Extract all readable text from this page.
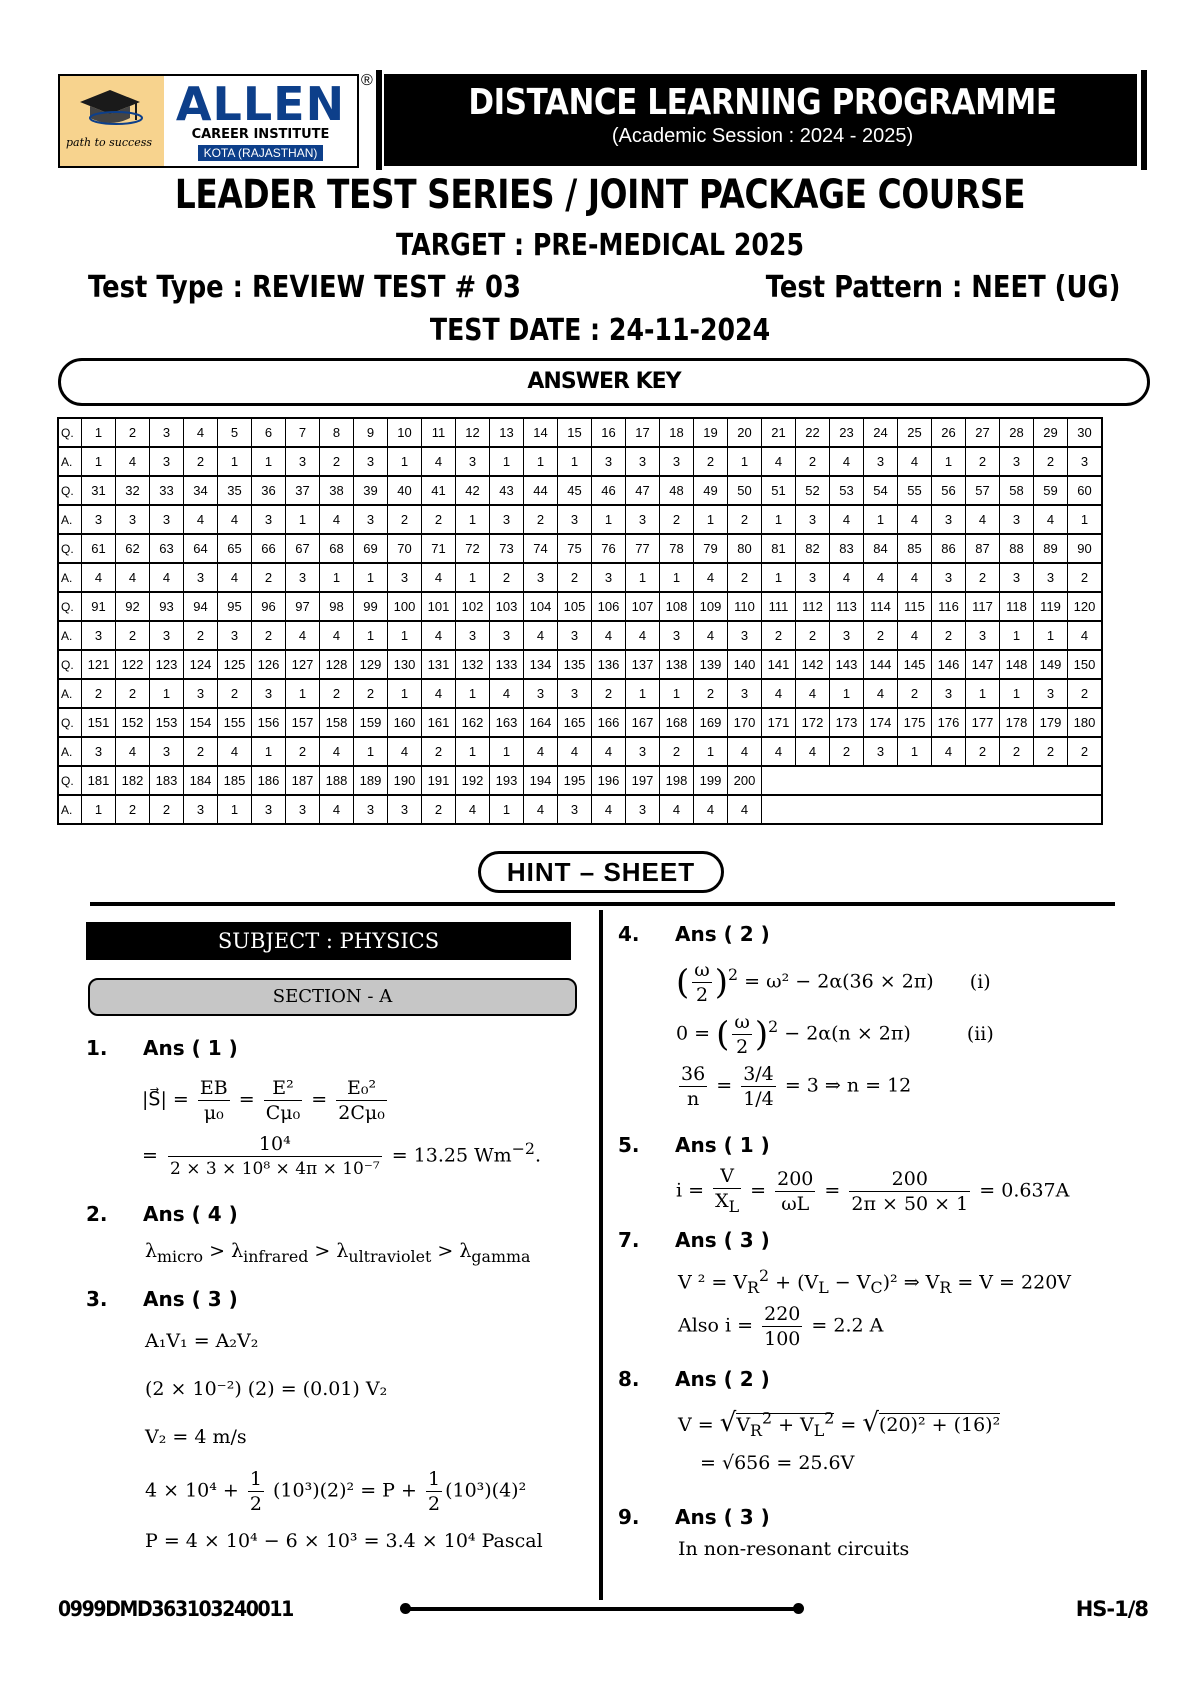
path to success
ALLEN
CAREER INSTITUTE
KOTA (RAJASTHAN)
®
DISTANCE LEARNING PROGRAMME
(Academic Session : 2024 - 2025)
LEADER TEST SERIES / JOINT PACKAGE COURSE
TARGET : PRE-MEDICAL 2025
Test Type : REVIEW TEST # 03	Test Pattern : NEET (UG)
TEST DATE : 24-11-2024
ANSWER KEY
Q.	1	2	3	4	5	6	7	8	9	10	11	12	13	14	15	16	17	18	19	20	21	22	23	24	25	26	27	28	29	30
A.	1	4	3	2	1	1	3	2	3	1	4	3	1	1	1	3	3	3	2	1	4	2	4	3	4	1	2	3	2	3
Q.	31	32	33	34	35	36	37	38	39	40	41	42	43	44	45	46	47	48	49	50	51	52	53	54	55	56	57	58	59	60
A.	3	3	3	4	4	3	1	4	3	2	2	1	3	2	3	1	3	2	1	2	1	3	4	1	4	3	4	3	4	1
Q.	61	62	63	64	65	66	67	68	69	70	71	72	73	74	75	76	77	78	79	80	81	82	83	84	85	86	87	88	89	90
A.	4	4	4	3	4	2	3	1	1	3	4	1	2	3	2	3	1	1	4	2	1	3	4	4	4	3	2	3	3	2
Q.	91	92	93	94	95	96	97	98	99	100	101	102	103	104	105	106	107	108	109	110	111	112	113	114	115	116	117	118	119	120
A.	3	2	3	2	3	2	4	4	1	1	4	3	3	4	3	4	4	3	4	3	2	2	3	2	4	2	3	1	1	4
Q.	121	122	123	124	125	126	127	128	129	130	131	132	133	134	135	136	137	138	139	140	141	142	143	144	145	146	147	148	149	150
A.	2	2	1	3	2	3	1	2	2	1	4	1	4	3	3	2	1	1	2	3	4	4	1	4	2	3	1	1	3	2
Q.	151	152	153	154	155	156	157	158	159	160	161	162	163	164	165	166	167	168	169	170	171	172	173	174	175	176	177	178	179	180
A.	3	4	3	2	4	1	2	4	1	4	2	1	1	4	4	4	3	2	1	4	4	4	2	3	1	4	2	2	2	2
Q.	181	182	183	184	185	186	187	188	189	190	191	192	193	194	195	196	197	198	199	200										
A.	1	2	2	3	1	3	3	4	3	3	2	4	1	4	3	4	3	4	4	4										
HINT – SHEET
SUBJECT : PHYSICS
SECTION - A
1. Ans ( 1 )
|S⃗| = $\frac{EB}{\text{μ₀}} = \frac{\text{E²}}{\text{Cμ₀}} = \frac{\text{E₀²}}{\text{2Cμ₀}}$
= $\frac{\text{10⁴}}{\text{2 × 3 × 10⁸ × 4π × 10⁻⁷}} = 13.25$ $Wm^{-2}$.
2. Ans ( 4 )
$\lambda_{micro} > \lambda_{infrared} > \lambda_{ultraviolet} > \lambda_{gamma}$
3. Ans ( 3 )
A₁V₁ = A₂V₂
(2 × 10⁻²) (2) = (0.01) V₂
V₂ = 4 m/s
$4 \times 10^4 + \frac{1}{2} (10^3)(2)^2 = P + \frac{1}{2} (10^3)(4)^2$
P = 4 × 10⁴ − 6 × 10³ = 3.4 × 10⁴ Pascal
4. Ans ( 2 )
( $\frac{\omega}{2} )^2 = \omega^2 - 2\alpha(36 \times 2\pi)$ (i)
0 = ( $\frac{\omega}{2} )^2 - 2\alpha(n \times 2\pi)$	(ii)
$\frac{36}{n} = \frac{3/4}{1/4} = 3$ ⇒ n = 12
5. Ans ( 1 )
$i = \frac{V}{X_L} = \frac{200}{\omega L} = \frac{200}{2\pi \times 50 \times 1} = 0.637A$
7. Ans ( 3 )
V $^2 = V_R^2 + (V_L - V_C)^2$ ⇒ $V_R = V = 220V$
Also $i = \frac{220}{100} = 2.2$ A
8. Ans ( 2 )
$V = √V_R^2 + V_L^2 = √(20)^2 + (16)^2$
= √656 = 25.6V
9. Ans ( 3 )
In non-resonant circuits
0999DMD363103240011	HS-1/8
